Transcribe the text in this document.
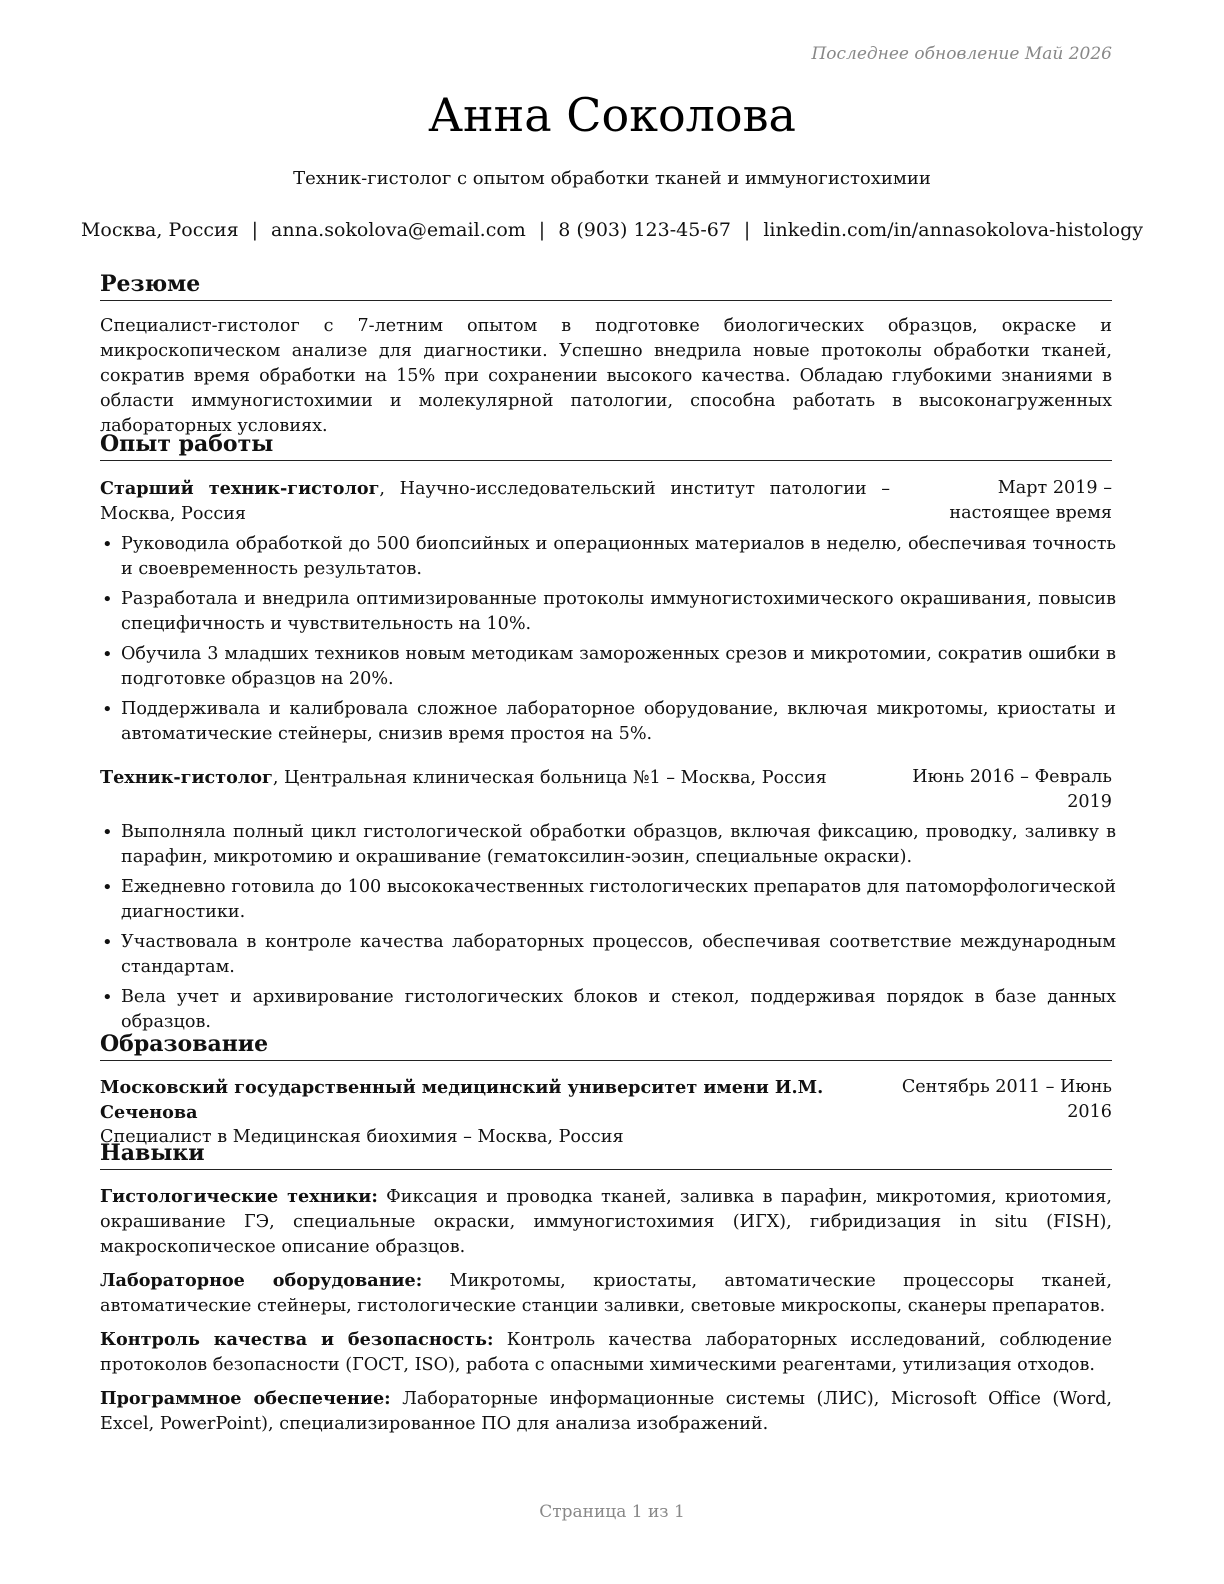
Последнее обновление Май 2026
Анна Соколова

Техник-гистолог с опытом обработки тканей и иммуногистохимии

Москва, Россия | anna.sokolova@email.com | 8 (903) 123-45-67 | linkedin.com/in/annasokolova-histology
Резюме

Специалист-гистолог с 7-летним опытом в подготовке биологических образцов, окраске и микроскопическом анализе для диагностики. Успешно внедрила новые протоколы обработки тканей, сократив время обработки на 15% при сохранении высокого качества. Обладаю глубокими знаниями в области иммуногистохимии и молекулярной патологии, способна работать в высоконагруженных лабораторных условиях.

Опыт работы
Старший техник-гистолог, Научно-исследовательский институт патологии – Москва, Россия
Март 2019 – настоящее время
• Руководила обработкой до 500 биопсийных и операционных материалов в неделю, обеспечивая точность и своевременность результатов.
• Разработала и внедрила оптимизированные протоколы иммуногистохимического окрашивания, повысив специфичность и чувствительность на 10%.
• Обучила 3 младших техников новым методикам замороженных срезов и микротомии, сократив ошибки в подготовке образцов на 20%.
• Поддерживала и калибровала сложное лабораторное оборудование, включая микротомы, криостаты и автоматические стейнеры, снизив время простоя на 5%.
Техник-гистолог, Центральная клиническая больница №1 – Москва, Россия	Июнь 2016 – Февраль 2019
• Выполняла полный цикл гистологической обработки образцов, включая фиксацию, проводку, заливку в парафин, микротомию и окрашивание (гематоксилин-эозин, специальные окраски).
• Ежедневно готовила до 100 высококачественных гистологических препаратов для патоморфологической диагностики.
• Участвовала в контроле качества лабораторных процессов, обеспечивая соответствие международным стандартам.
• Вела учет и архивирование гистологических блоков и стекол, поддерживая порядок в базе данных образцов.
Образование
Московский государственный медицинский университет имени И.М. Сеченова
Специалист в Медицинская биохимия – Москва, Россия
Сентябрь 2011 – Июнь 2016
Навыки

Гистологические техники: Фиксация и проводка тканей, заливка в парафин, микротомия, криотомия, окрашивание ГЭ, специальные окраски, иммуногистохимия (ИГХ), гибридизация in situ (FISH), макроскопическое описание образцов.

Лабораторное оборудование: Микротомы, криостаты, автоматические процессоры тканей, автоматические стейнеры, гистологические станции заливки, световые микроскопы, сканеры препаратов.

Контроль качества и безопасность: Контроль качества лабораторных исследований, соблюдение протоколов безопасности (ГОСТ, ISO), работа с опасными химическими реагентами, утилизация отходов.

Программное обеспечение: Лабораторные информационные системы (ЛИС), Microsoft Office (Word, Excel, PowerPoint), специализированное ПО для анализа изображений.

Страница 1 из 1
